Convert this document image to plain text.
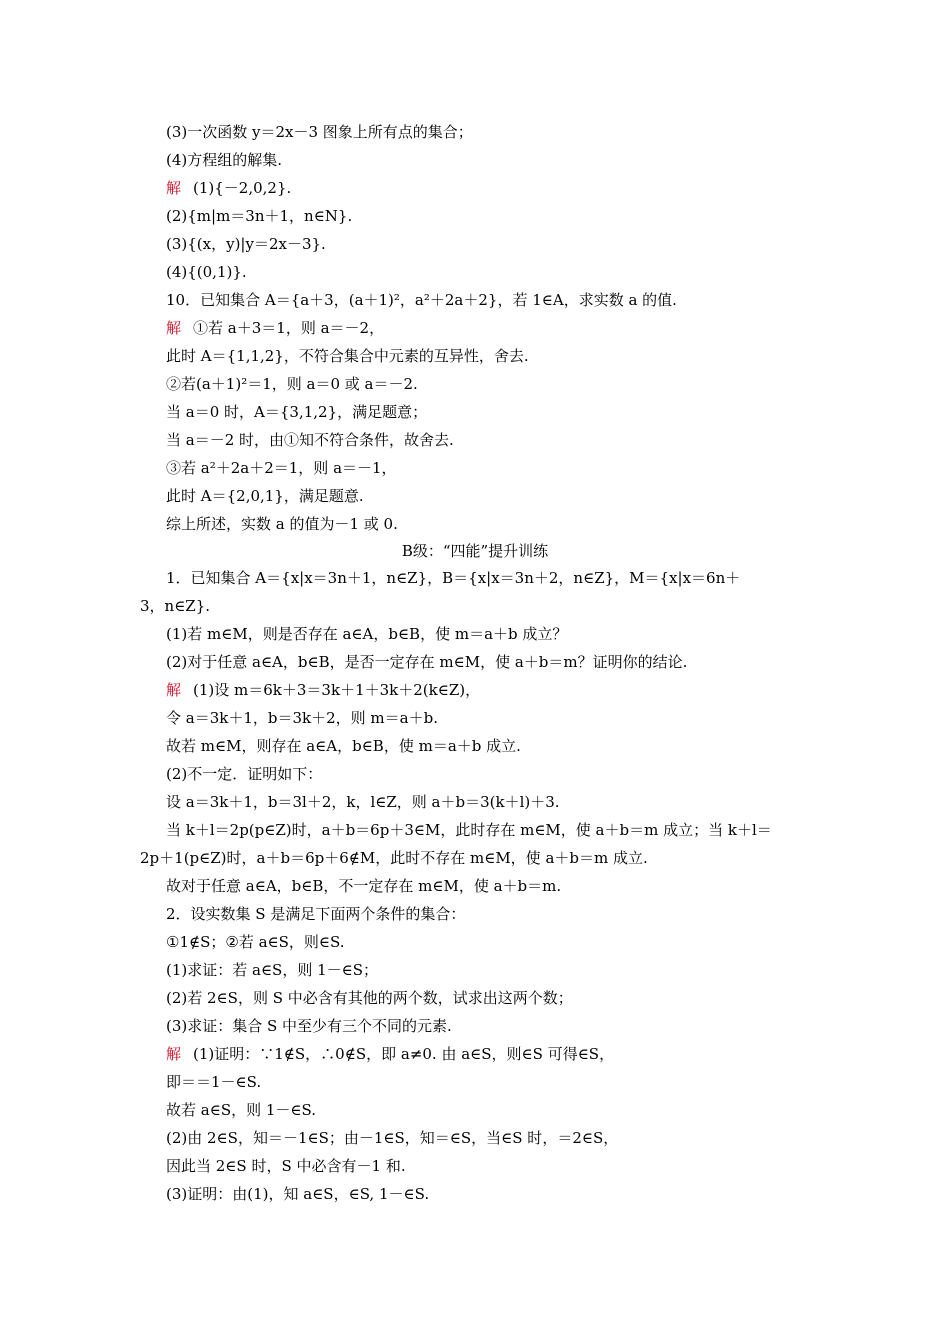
(3)一次函数 y＝2x－3 图象上所有点的集合；
(4)方程组的解集.
解 (1){－2,0,2}.
(2){m|m＝3n＋1，n∈N}.
(3){(x，y)|y＝2x－3}.
(4){(0,1)}.
10．已知集合 A＝{a＋3，(a＋1)²，a²＋2a＋2}，若 1∈A，求实数 a 的值.
解 ①若 a＋3＝1，则 a＝－2，
此时 A＝{1,1,2}，不符合集合中元素的互异性，舍去.
②若(a＋1)²＝1，则 a＝0 或 a＝－2.
当 a＝0 时，A＝{3,1,2}，满足题意；
当 a＝－2 时，由①知不符合条件，故舍去.
③若 a²＋2a＋2＝1，则 a＝－1，
此时 A＝{2,0,1}，满足题意.
综上所述，实数 a 的值为－1 或 0.
B级：“四能”提升训练
1．已知集合 A＝{x|x＝3n＋1，n∈Z}，B＝{x|x＝3n＋2，n∈Z}，M＝{x|x＝6n＋
3，n∈Z}.
(1)若 m∈M，则是否存在 a∈A，b∈B，使 m＝a＋b 成立？
(2)对于任意 a∈A，b∈B，是否一定存在 m∈M，使 a＋b＝m？证明你的结论.
解 (1)设 m＝6k＋3＝3k＋1＋3k＋2(k∈Z)，
令 a＝3k＋1，b＝3k＋2，则 m＝a＋b.
故若 m∈M，则存在 a∈A，b∈B，使 m＝a＋b 成立.
(2)不一定．证明如下：
设 a＝3k＋1，b＝3l＋2，k，l∈Z，则 a＋b＝3(k＋l)＋3.
当 k＋l＝2p(p∈Z)时，a＋b＝6p＋3∈M，此时存在 m∈M，使 a＋b＝m 成立；当 k＋l＝
2p＋1(p∈Z)时，a＋b＝6p＋6∉M，此时不存在 m∈M，使 a＋b＝m 成立.
故对于任意 a∈A，b∈B，不一定存在 m∈M，使 a＋b＝m.
2．设实数集 S 是满足下面两个条件的集合：
①1∉S；②若 a∈S，则∈S.
(1)求证：若 a∈S，则 1－∈S；
(2)若 2∈S，则 S 中必含有其他的两个数，试求出这两个数；
(3)求证：集合 S 中至少有三个不同的元素.
解 (1)证明：∵1∉S，∴0∉S，即 a≠0. 由 a∈S，则∈S 可得∈S，
即＝＝1－∈S.
故若 a∈S，则 1－∈S.
(2)由 2∈S，知＝－1∈S；由－1∈S，知＝∈S，当∈S 时，＝2∈S，
因此当 2∈S 时，S 中必含有－1 和.
(3)证明：由(1)，知 a∈S，∈S, 1－∈S.
